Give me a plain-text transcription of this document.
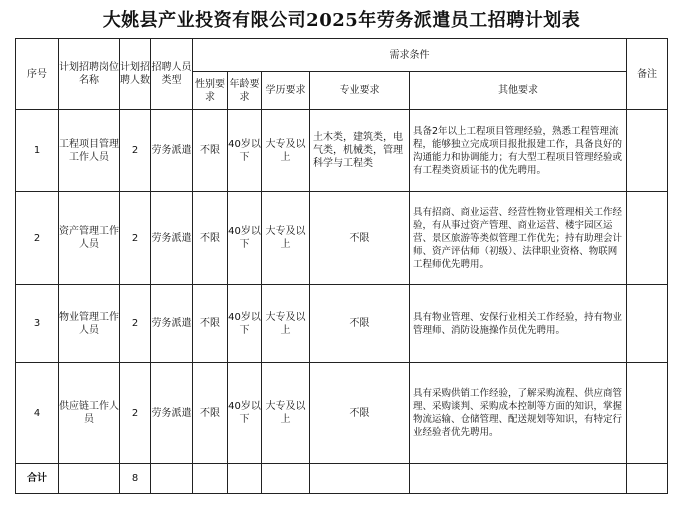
大姚县产业投资有限公司2025年劳务派遣员工招聘计划表
序号	计划招聘岗位名称	计划招聘人数	招聘人员类型	需求条件					备注
				性别要求	年龄要求	学历要求	专业要求	其他要求	
1	工程项目管理工作人员	2	劳务派遣	不限	40岁以下	大专及以上	土木类，建筑类，电气类，机械类，管理科学与工程类	具备2年以上工程项目管理经验，熟悉工程管理流程，能够独立完成项目报批报建工作，具备良好的沟通能力和协调能力；有大型工程项目管理经验或有工程类资质证书的优先聘用。	
2	资产管理工作人员	2	劳务派遣	不限	40岁以下	大专及以上	不限	具有招商、商业运营、经营性物业管理相关工作经验，有从事过资产管理、商业运营、楼宇园区运营、景区旅游等类似管理工作优先；持有助理会计师、资产评估师（初级）、法律职业资格、物联网工程师优先聘用。	
3	物业管理工作人员	2	劳务派遣	不限	40岁以下	大专及以上	不限	具有物业管理、安保行业相关工作经验，持有物业管理师、消防设施操作员优先聘用。	
4	供应链工作人员	2	劳务派遣	不限	40岁以下	大专及以上	不限	具有采购供销工作经验，了解采购流程、供应商管理、采购谈判、采购成本控制等方面的知识，掌握物流运输、仓储管理、配送规划等知识，有特定行业经验者优先聘用。	
合计		8							
